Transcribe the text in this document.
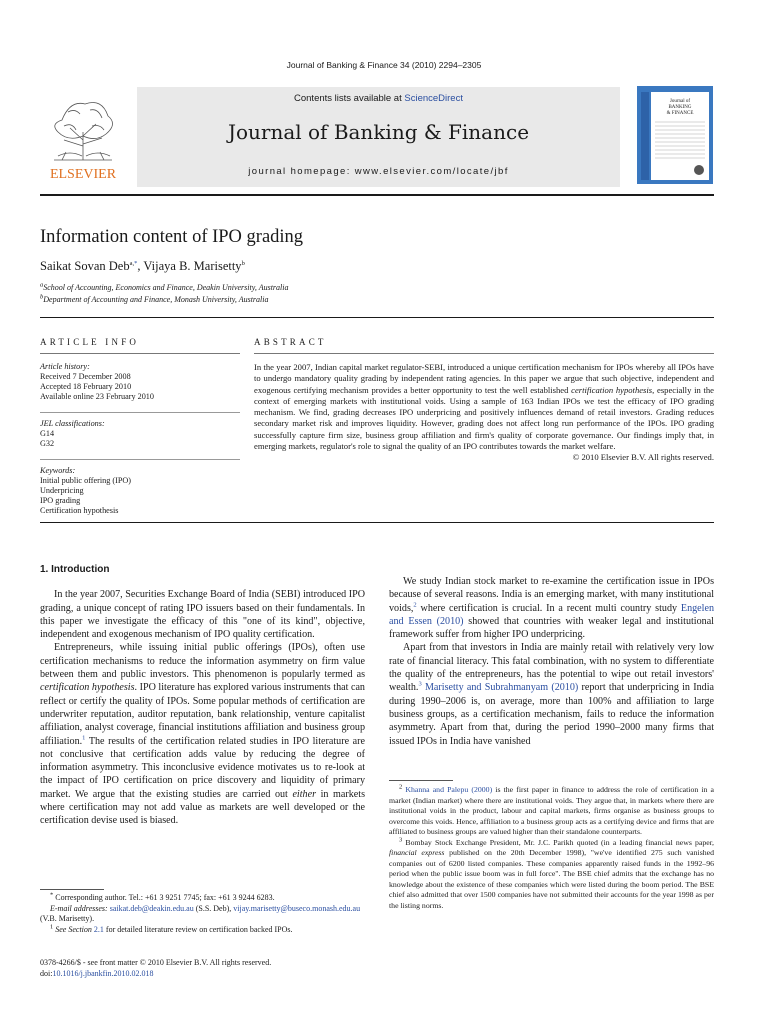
Journal of Banking & Finance 34 (2010) 2294–2305
Contents lists available at ScienceDirect
Journal of Banking & Finance
journal homepage: www.elsevier.com/locate/jbf
ELSEVIER
Journal of
BANKING
& FINANCE
Information content of IPO grading
Saikat Sovan Deb$^{a,*}$, Vijaya B. Marisetty$^b$
$^a$School of Accounting, Economics and Finance, Deakin University, Australia
$^b$Department of Accounting and Finance, Monash University, Australia
ARTICLE INFO	ABSTRACT
Article history:
Received 7 December 2008
Accepted 18 February 2010
Available online 23 February 2010
JEL classifications:
G14
G32
Keywords:
Initial public offering (IPO)
Underpricing
IPO grading
Certification hypothesis
In the year 2007, Indian capital market regulator-SEBI, introduced a unique certification mechanism for IPOs whereby all IPOs have to undergo mandatory quality grading by independent rating agencies. In this paper we argue that such objective, independent and exogenous certifying mechanism provides a better opportunity to test the well established certification hypothesis, especially in the context of emerging markets with institutional voids. Using a sample of 163 Indian IPOs we test the efficacy of IPO grading mechanism. We find, grading decreases IPO underpricing and positively influences demand of retail investors. Grading reduces secondary market risk and improves liquidity. However, grading does not affect long run performance of the IPOs. IPO grading successfully capture firm size, business group affiliation and firm's quality of corporate governance. Our findings imply that, in emerging markets, regulator's role to signal the quality of an IPO contributes towards the market welfare.
© 2010 Elsevier B.V. All rights reserved.
1. Introduction

In the year 2007, Securities Exchange Board of India (SEBI) introduced IPO grading, a unique concept of rating IPO issuers based on their fundamentals. In this paper we investigate the efficacy of this "one of its kind", objective, independent and exogenous mechanism of IPO quality certification.

Entrepreneurs, while issuing initial public offerings (IPOs), often use certification mechanisms to reduce the information asymmetry on firm value between them and public investors. This phenomenon is popularly termed as certification hypothesis. IPO literature has explored various instruments that can reflect or certify the quality of IPOs. Some popular methods of certification are underwriter reputation, auditor reputation, bank relationship, venture capitalist affiliation, analyst coverage, financial institutions affiliation and business group affiliation.$^1$ The results of the certification related studies in IPO literature are not conclusive that certification adds value by reducing the degree of information asymmetry. This inconclusive evidence motivates us to re-look at the impact of IPO certification on price discovery and liquidity of primary market. We argue that the existing studies are carried out either in markets where certification may not add value as markets are well developed or the certification devise used is biased.

* Corresponding author. Tel.: +61 3 9251 7745; fax: +61 3 9244 6283.

E-mail addresses: saikat.deb@deakin.edu.au (S.S. Deb), vijay.marisetty@buseco.monash.edu.au (V.B. Marisetty).

$^1$ See Section 2.1 for detailed literature review on certification backed IPOs.

We study Indian stock market to re-examine the certification issue in IPOs because of several reasons. India is an emerging market, with many institutional voids,$^2$ where certification is crucial. In a recent multi country study Engelen and Essen (2010) showed that countries with weaker legal and institutional framework suffer from higher IPO underpricing.

Apart from that investors in India are mainly retail with relatively very low rate of financial literacy. This fatal combination, with no system to differentiate the quality of the entrepreneurs, has the potential to wipe out retail investors' wealth.$^3$ Marisetty and Subrahmanyam (2010) report that underpricing in India during 1990–2006 is, on average, more than 100% and affiliation to large business groups, as a certification mechanism, fails to reduce the information asymmetry. Apart from that, during the period 1990–2000 many firms that issued IPOs in India have vanished

$^2$ Khanna and Palepu (2000) is the first paper in finance to address the role of certification in a market (Indian market) where there are institutional voids. They argue that, in markets where there are institutional voids in the product, labour and capital markets, firms organise as business groups to overcome this voids. Hence, affiliation to a business group acts as a certifying device and firms that are affiliated to business groups are valued higher than their standalone counterparts.

$^3$ Bombay Stock Exchange President, Mr. J.C. Parikh quoted (in a leading financial news paper, financial express published on the 20th December 1998), "we've identified 275 such vanished companies out of 6200 listed companies. These companies apparently raised funds in the 1992–96 period when the public issue boom was in full force". The BSE chief admits that the exchange has no knowledge about the existence of these companies which were listed during the boom period. The BSE chief also admitted that over 1500 companies have not submitted their accounts for the year 1998 as per the listing norms.

0378-4266/$ - see front matter © 2010 Elsevier B.V. All rights reserved.
doi:10.1016/j.jbankfin.2010.02.018
